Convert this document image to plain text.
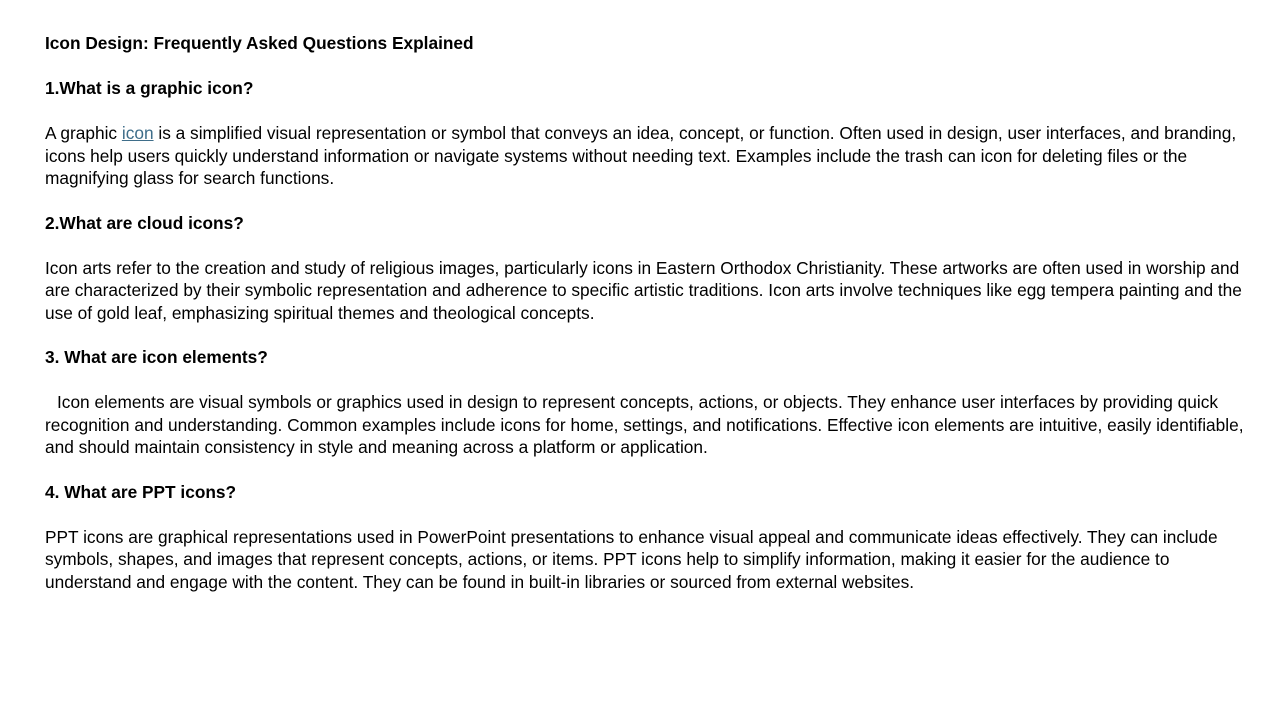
Icon Design: Frequently Asked Questions Explained
1.What is a graphic icon?
A graphic icon is a simplified visual representation or symbol that conveys an idea, concept, or function. Often used in design, user interfaces, and branding, icons help users quickly understand information or navigate systems without needing text. Examples include the trash can icon for deleting files or the magnifying glass for search functions.
2.What are cloud icons?
Icon arts refer to the creation and study of religious images, particularly icons in Eastern Orthodox Christianity. These artworks are often used in worship and are characterized by their symbolic representation and adherence to specific artistic traditions. Icon arts involve techniques like egg tempera painting and the use of gold leaf, emphasizing spiritual themes and theological concepts.
3. What are icon elements?
Icon elements are visual symbols or graphics used in design to represent concepts, actions, or objects. They enhance user interfaces by providing quick recognition and understanding. Common examples include icons for home, settings, and notifications. Effective icon elements are intuitive, easily identifiable, and should maintain consistency in style and meaning across a platform or application.
4. What are PPT icons?
PPT icons are graphical representations used in PowerPoint presentations to enhance visual appeal and communicate ideas effectively. They can include symbols, shapes, and images that represent concepts, actions, or items. PPT icons help to simplify information, making it easier for the audience to understand and engage with the content. They can be found in built-in libraries or sourced from external websites.
